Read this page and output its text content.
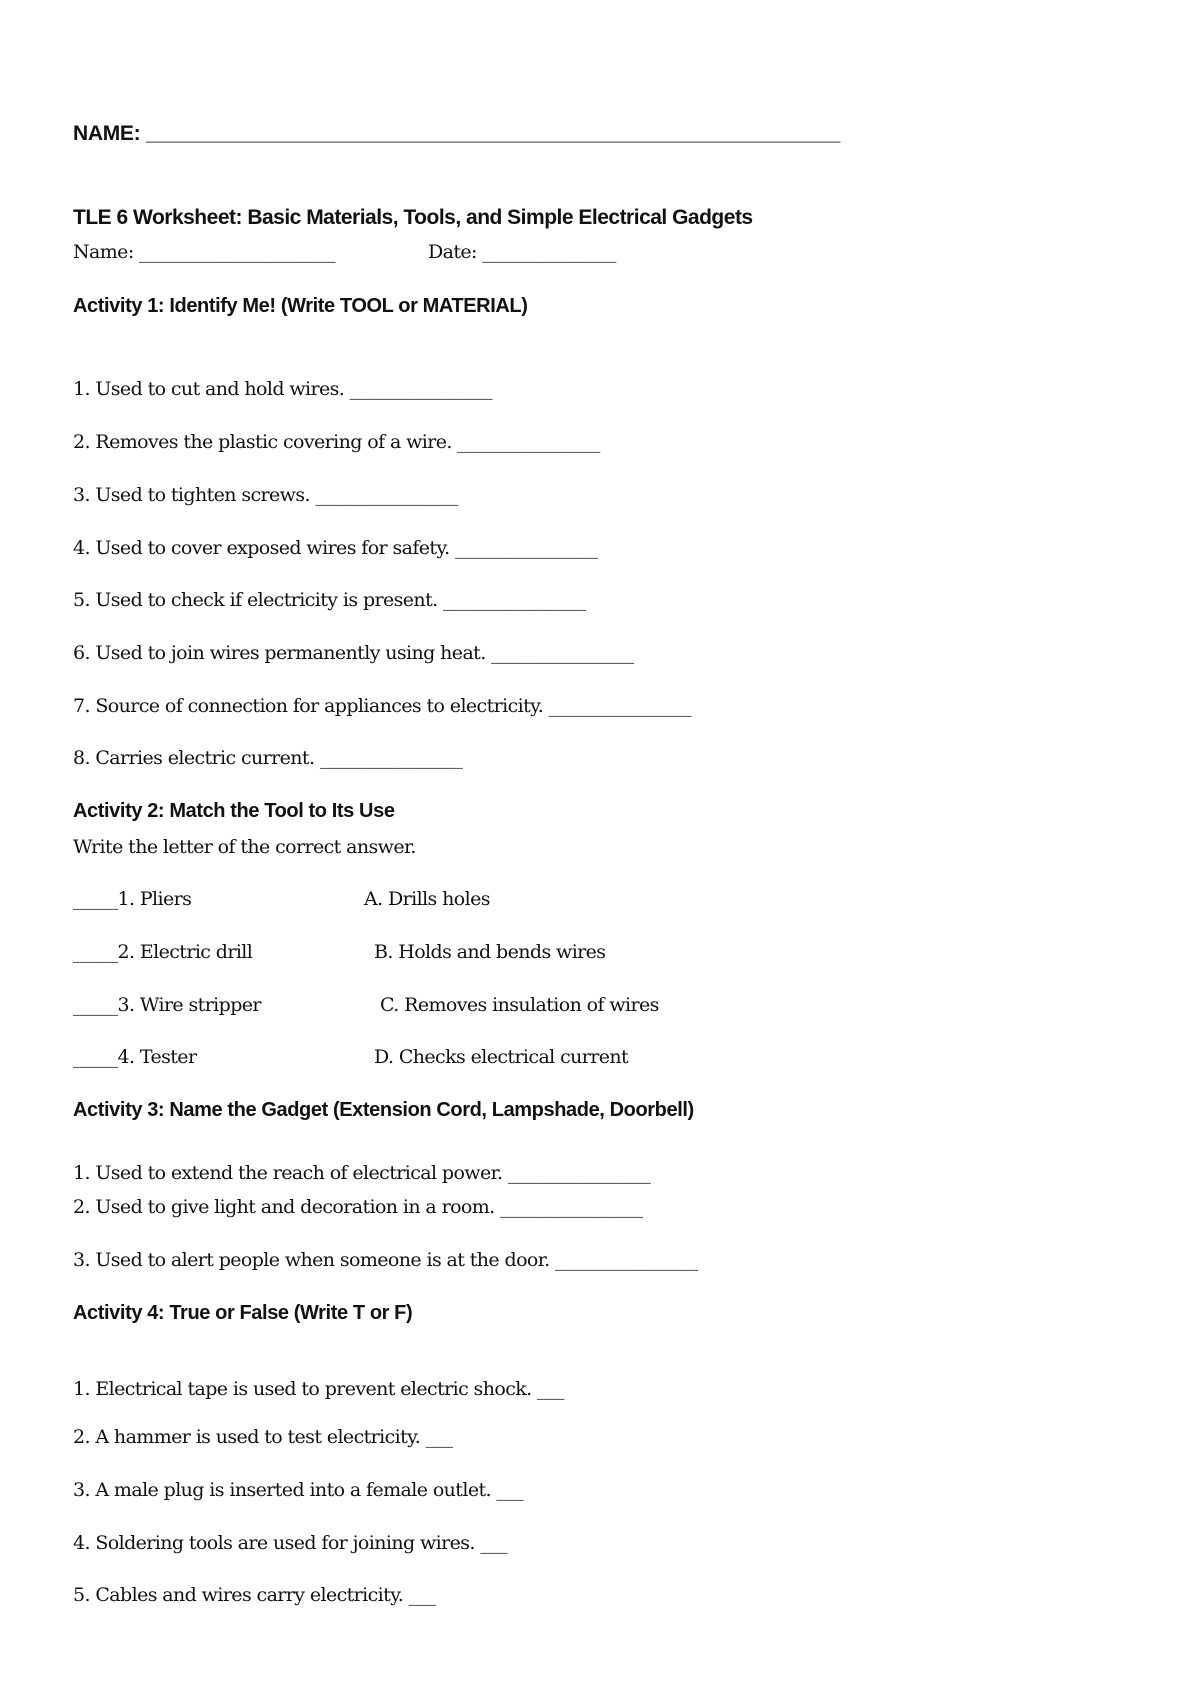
NAME: _____________________________________________________________
TLE 6 Worksheet: Basic Materials, Tools, and Simple Electrical Gadgets
Name: ______________________	Date: _______________
Activity 1: Identify Me! (Write TOOL or MATERIAL)
1. Used to cut and hold wires. ________________
2. Removes the plastic covering of a wire. ________________
3. Used to tighten screws. ________________
4. Used to cover exposed wires for safety. ________________
5. Used to check if electricity is present. ________________
6. Used to join wires permanently using heat. ________________
7. Source of connection for appliances to electricity. ________________
8. Carries electric current. ________________
Activity 2: Match the Tool to Its Use
Write the letter of the correct answer.
_____1. Pliers	A. Drills holes
_____2. Electric drill	B. Holds and bends wires
_____3. Wire stripper	C. Removes insulation of wires
_____4. Tester	D. Checks electrical current
Activity 3: Name the Gadget (Extension Cord, Lampshade, Doorbell)
1. Used to extend the reach of electrical power. ________________
2. Used to give light and decoration in a room. ________________
3. Used to alert people when someone is at the door. ________________
Activity 4: True or False (Write T or F)
1. Electrical tape is used to prevent electric shock. ___
2. A hammer is used to test electricity. ___
3. A male plug is inserted into a female outlet. ___
4. Soldering tools are used for joining wires. ___
5. Cables and wires carry electricity. ___
